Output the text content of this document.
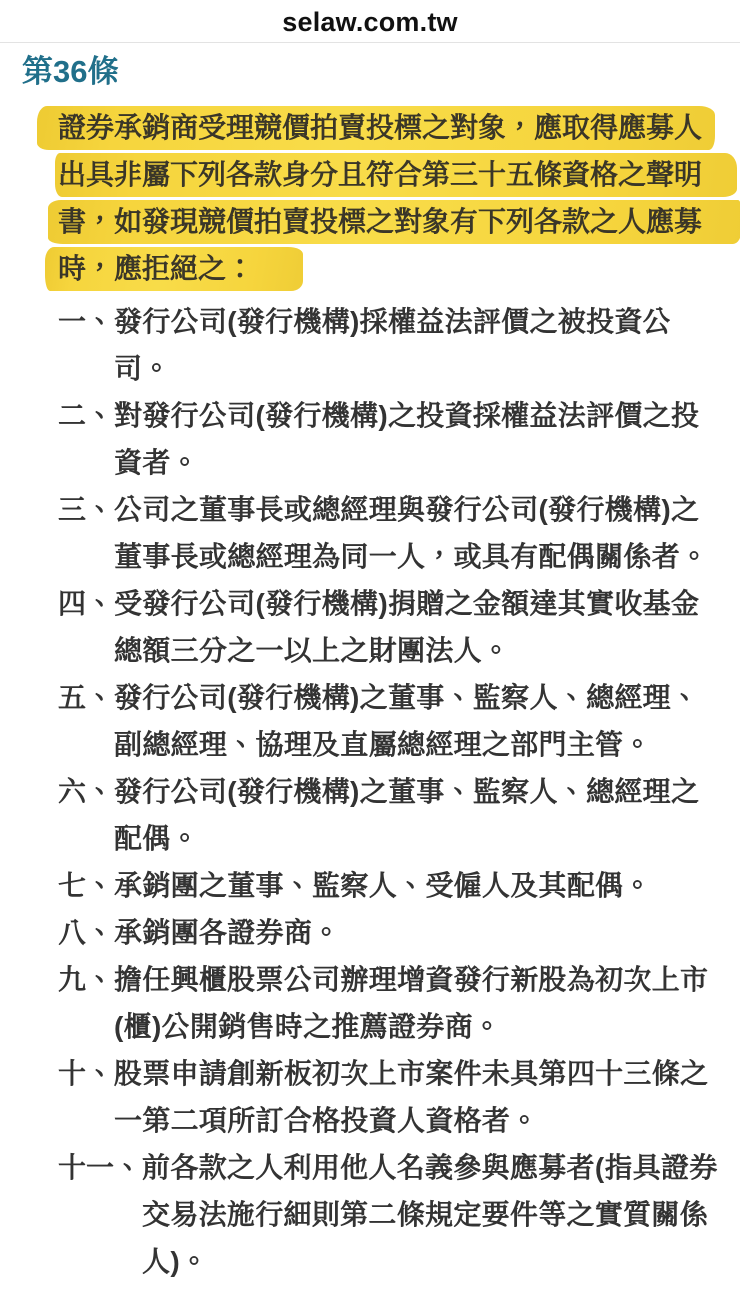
selaw.com.tw
第36條
證券承銷商受理競價拍賣投標之對象，應取得應募人
出具非屬下列各款身分且符合第三十五條資格之聲明
書，如發現競價拍賣投標之對象有下列各款之人應募
時，應拒絕之：
一、 發行公司(發行機構)採權益法評價之被投資公司。
二、 對發行公司(發行機構)之投資採權益法評價之投資者。
三、 公司之董事長或總經理與發行公司(發行機構)之董事長或總經理為同一人，或具有配偶關係者。
四、 受發行公司(發行機構)捐贈之金額達其實收基金總額三分之一以上之財團法人。
五、 發行公司(發行機構)之董事、監察人、總經理、副總經理、協理及直屬總經理之部門主管。
六、 發行公司(發行機構)之董事、監察人、總經理之配偶。
七、 承銷團之董事、監察人、受僱人及其配偶。
八、 承銷團各證券商。
九、 擔任興櫃股票公司辦理增資發行新股為初次上市(櫃)公開銷售時之推薦證券商。
十、 股票申請創新板初次上市案件未具第四十三條之一第二項所訂合格投資人資格者。
十一、 前各款之人利用他人名義參與應募者(指具證券交易法施行細則第二條規定要件等之實質關係人)。
